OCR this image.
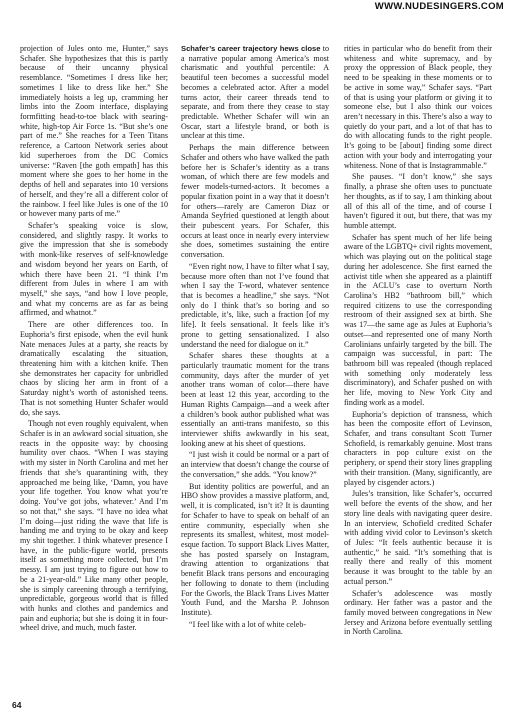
WWW.NUDESINGERS.COM

projection of Jules onto me, Hunter,” says Schafer. She hypothesizes that this is partly because of their uncanny physical resemblance. “Sometimes I dress like her; sometimes I like to dress like her.” She immediately hoists a leg up, cramming her limbs into the Zoom interface, displaying formfitting head-to-toe black with searing-white, high-top Air Force 1s. “But she’s one part of me.” She reaches for a Teen Titans reference, a Cartoon Network series about kid superheroes from the DC Comics universe: “Raven [the goth empath] has this moment where she goes to her home in the depths of hell and separates into 10 versions of herself, and they’re all a different color of the rainbow. I feel like Jules is one of the 10 or however many parts of me.”

Schafer’s speaking voice is slow, considered, and slightly raspy. It works to give the impression that she is somebody with monk-like reserves of self-knowledge and wisdom beyond her years on Earth, of which there have been 21. “I think I’m different from Jules in where I am with myself,” she says, “and how I love people, and what my concerns are as far as being affirmed, and whatnot.”

There are other differences too. In Euphoria’s first episode, when the evil hunk Nate menaces Jules at a party, she reacts by dramatically escalating the situation, threatening him with a kitchen knife. Then she demonstrates her capacity for unbridled chaos by slicing her arm in front of a Saturday night’s worth of astonished teens. That is not something Hunter Schafer would do, she says.

Though not even roughly equivalent, when Schafer is in an awkward social situation, she reacts in the opposite way: by choosing humility over chaos. “When I was staying with my sister in North Carolina and met her friends that she’s quarantining with, they approached me being like, ‘Damn, you have your life together. You know what you’re doing. You’ve got jobs, whatever.’ And I’m so not that,” she says. “I have no idea what I’m doing—just riding the wave that life is handing me and trying to be okay and keep my shit together. I think whatever presence I have, in the public-figure world, presents itself as something more collected, but I’m messy. I am just trying to figure out how to be a 21-year-old.” Like many other people, she is simply careening through a terrifying, unpredictable, gorgeous world that is filled with hunks and clothes and pandemics and pain and euphoria; but she is doing it in four-wheel drive, and much, much faster.

Schafer’s career trajectory hews close to a narrative popular among America’s most charismatic and youthful percentile: A beautiful teen becomes a successful model becomes a celebrated actor. After a model turns actor, their career threads tend to separate, and from there they cease to stay predictable. Whether Schafer will win an Oscar, start a lifestyle brand, or both is unclear at this time.

Perhaps the main difference between Schafer and others who have walked the path before her is Schafer’s identity as a trans woman, of which there are few models and fewer models-turned-actors. It becomes a popular fixation point in a way that it doesn’t for others—rarely are Cameron Diaz or Amanda Seyfried questioned at length about their pubescent years. For Schafer, this occurs at least once in nearly every interview she does, sometimes sustaining the entire conversation.

“Even right now, I have to filter what I say, because more often than not I’ve found that when I say the T-word, whatever sentence that is becomes a headline,” she says. “Not only do I think that’s so boring and so predictable, it’s, like, such a fraction [of my life]. It feels sensational. It feels like it’s prone to getting sensationalized. I also understand the need for dialogue on it.”

Schafer shares these thoughts at a particularly traumatic moment for the trans community, days after the murder of yet another trans woman of color—there have been at least 12 this year, according to the Human Rights Campaign—and a week after a children’s book author published what was essentially an anti-trans manifesto, so this interviewer shifts awkwardly in his seat, looking anew at his sheet of questions.

“I just wish it could be normal or a part of an interview that doesn’t change the course of the conversation,” she adds. “You know?”

But identity politics are powerful, and an HBO show provides a massive platform, and, well, it is complicated, isn’t it? It is daunting for Schafer to have to speak on behalf of an entire community, especially when she represents its smallest, whitest, most model-esque faction. To support Black Lives Matter, she has posted sparsely on Instagram, drawing attention to organizations that benefit Black trans persons and encouraging her following to donate to them (including For the Gworls, the Black Trans Lives Matter Youth Fund, and the Marsha P. Johnson Institute).

“I feel like with a lot of white celeb-

rities in particular who do benefit from their whiteness and white supremacy, and by proxy the oppression of Black people, they need to be speaking in these moments or to be active in some way,” Schafer says. “Part of that is using your platform or giving it to someone else, but I also think our voices aren’t necessary in this. There’s also a way to quietly do your part, and a lot of that has to do with allocating funds to the right people. It’s going to be [about] finding some direct action with your body and interrogating your whiteness. None of that is Instagrammable.”

She pauses. “I don’t know,” she says finally, a phrase she often uses to punctuate her thoughts, as if to say, I am thinking about all of this all of the time, and of course I haven’t figured it out, but there, that was my humble attempt.

Schafer has spent much of her life being aware of the LGBTQ+ civil rights movement, which was playing out on the political stage during her adolescence. She first earned the activist title when she appeared as a plaintiff in the ACLU’s case to overturn North Carolina’s HB2 “bathroom bill,” which required citizens to use the corresponding restroom of their assigned sex at birth. She was 17—the same age as Jules at Euphoria’s outset—and represented one of many North Carolinians unfairly targeted by the bill. The campaign was successful, in part: The bathroom bill was repealed (though replaced with something only moderately less discriminatory), and Schafer pushed on with her life, moving to New York City and finding work as a model.

Euphoria’s depiction of transness, which has been the composite effort of Levinson, Schafer, and trans consultant Scott Turner Schofield, is remarkably genuine. Most trans characters in pop culture exist on the periphery, or spend their story lines grappling with their transition. (Many, significantly, are played by cisgender actors.)

Jules’s transition, like Schafer’s, occurred well before the events of the show, and her story line deals with navigating queer desire. In an interview, Schofield credited Schafer with adding vivid color to Levinson’s sketch of Jules: “It feels authentic because it is authentic,” he said. “It’s something that is really there and really of this moment because it was brought to the table by an actual person.”

Schafer’s adolescence was mostly ordinary. Her father was a pastor and the family moved between congregations in New Jersey and Arizona before eventually settling in North Carolina.

64
